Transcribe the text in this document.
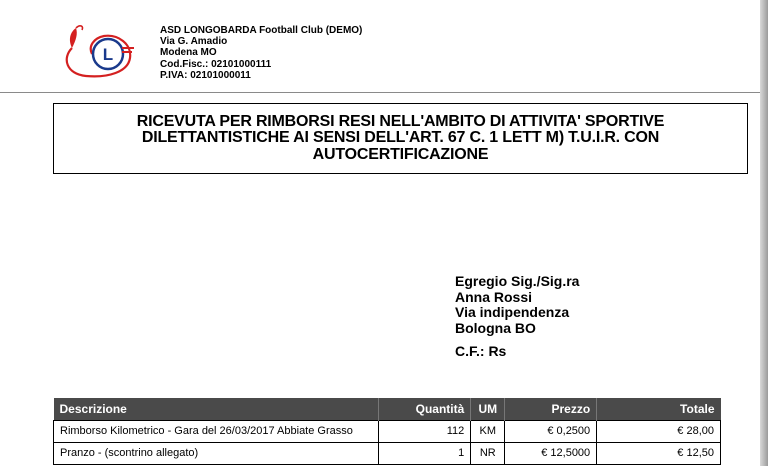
L
ASD LONGOBARDA Football Club (DEMO)
Via G. Amadio
Modena MO
Cod.Fisc.: 02101000111
P.IVA: 02101000011
RICEVUTA PER RIMBORSI RESI NELL'AMBITO DI ATTIVITA' SPORTIVE DILETTANTISTICHE AI SENSI DELL'ART. 67 C. 1 LETT M) T.U.I.R. CON AUTOCERTIFICAZIONE
Egregio Sig./Sig.ra
Anna Rossi
Via indipendenza
Bologna BO
C.F.: Rs
Descrizione	Quantità	UM	Prezzo	Totale
Rimborso Kilometrico - Gara del 26/03/2017 Abbiate Grasso	112	KM	€ 0,2500	€ 28,00
Pranzo - (scontrino allegato)	1	NR	€ 12,5000	€ 12,50
